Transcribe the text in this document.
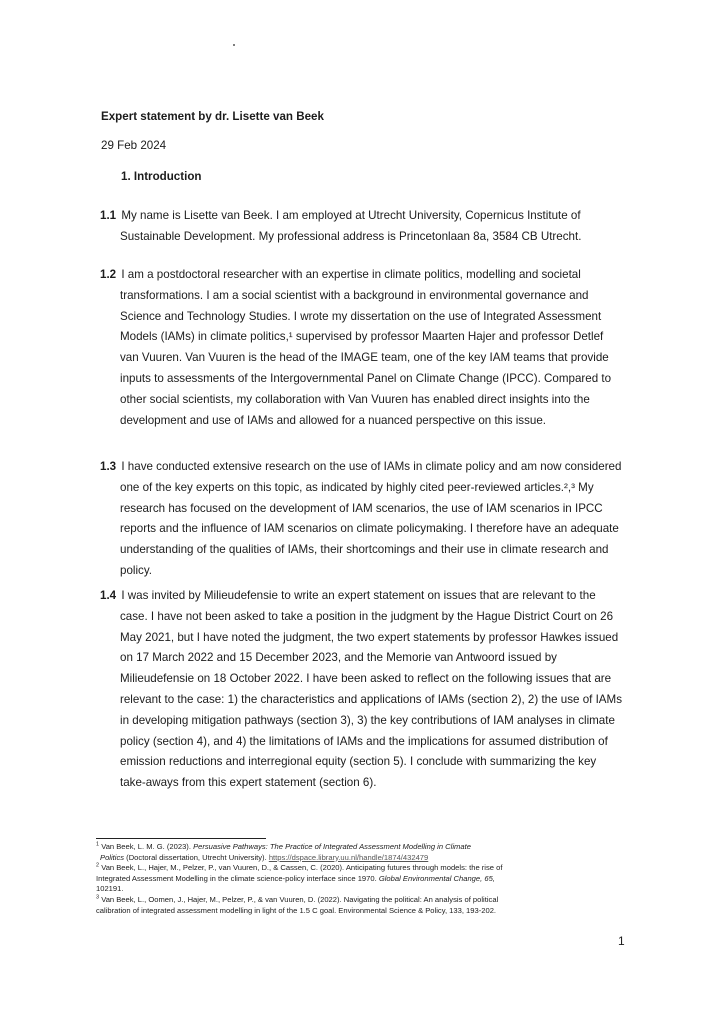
Expert statement by dr. Lisette van Beek
29 Feb 2024
1. Introduction
1.1 My name is Lisette van Beek. I am employed at Utrecht University, Copernicus Institute of
Sustainable Development. My professional address is Princetonlaan 8a, 3584 CB Utrecht.
1.2 I am a postdoctoral researcher with an expertise in climate politics, modelling and societal
transformations. I am a social scientist with a background in environmental governance and
Science and Technology Studies. I wrote my dissertation on the use of Integrated Assessment
Models (IAMs) in climate politics,¹ supervised by professor Maarten Hajer and professor Detlef
van Vuuren. Van Vuuren is the head of the IMAGE team, one of the key IAM teams that provide
inputs to assessments of the Intergovernmental Panel on Climate Change (IPCC). Compared to
other social scientists, my collaboration with Van Vuuren has enabled direct insights into the
development and use of IAMs and allowed for a nuanced perspective on this issue.
1.3 I have conducted extensive research on the use of IAMs in climate policy and am now considered
one of the key experts on this topic, as indicated by highly cited peer-reviewed articles.²,³ My
research has focused on the development of IAM scenarios, the use of IAM scenarios in IPCC
reports and the influence of IAM scenarios on climate policymaking. I therefore have an adequate
understanding of the qualities of IAMs, their shortcomings and their use in climate research and
policy.
1.4 I was invited by Milieudefensie to write an expert statement on issues that are relevant to the
case. I have not been asked to take a position in the judgment by the Hague District Court on 26
May 2021, but I have noted the judgment, the two expert statements by professor Hawkes issued
on 17 March 2022 and 15 December 2023, and the Memorie van Antwoord issued by
Milieudefensie on 18 October 2022. I have been asked to reflect on the following issues that are
relevant to the case: 1) the characteristics and applications of IAMs (section 2), 2) the use of IAMs
in developing mitigation pathways (section 3), 3) the key contributions of IAM analyses in climate
policy (section 4), and 4) the limitations of IAMs and the implications for assumed distribution of
emission reductions and interregional equity (section 5). I conclude with summarizing the key
take-aways from this expert statement (section 6).
$^1$ Van Beek, L. M. G. (2023). Persuasive Pathways: The Practice of Integrated Assessment Modelling in Climate
Politics (Doctoral dissertation, Utrecht University). https://dspace.library.uu.nl/handle/1874/432479
$^2$ Van Beek, L., Hajer, M., Pelzer, P., van Vuuren, D., & Cassen, C. (2020). Anticipating futures through models: the rise of
Integrated Assessment Modelling in the climate science-policy interface since 1970. Global Environmental Change, 65,
102191.
$^3$ Van Beek, L., Oomen, J., Hajer, M., Pelzer, P., & van Vuuren, D. (2022). Navigating the political: An analysis of political
calibration of integrated assessment modelling in light of the 1.5 C goal. Environmental Science & Policy, 133, 193-202.
1
